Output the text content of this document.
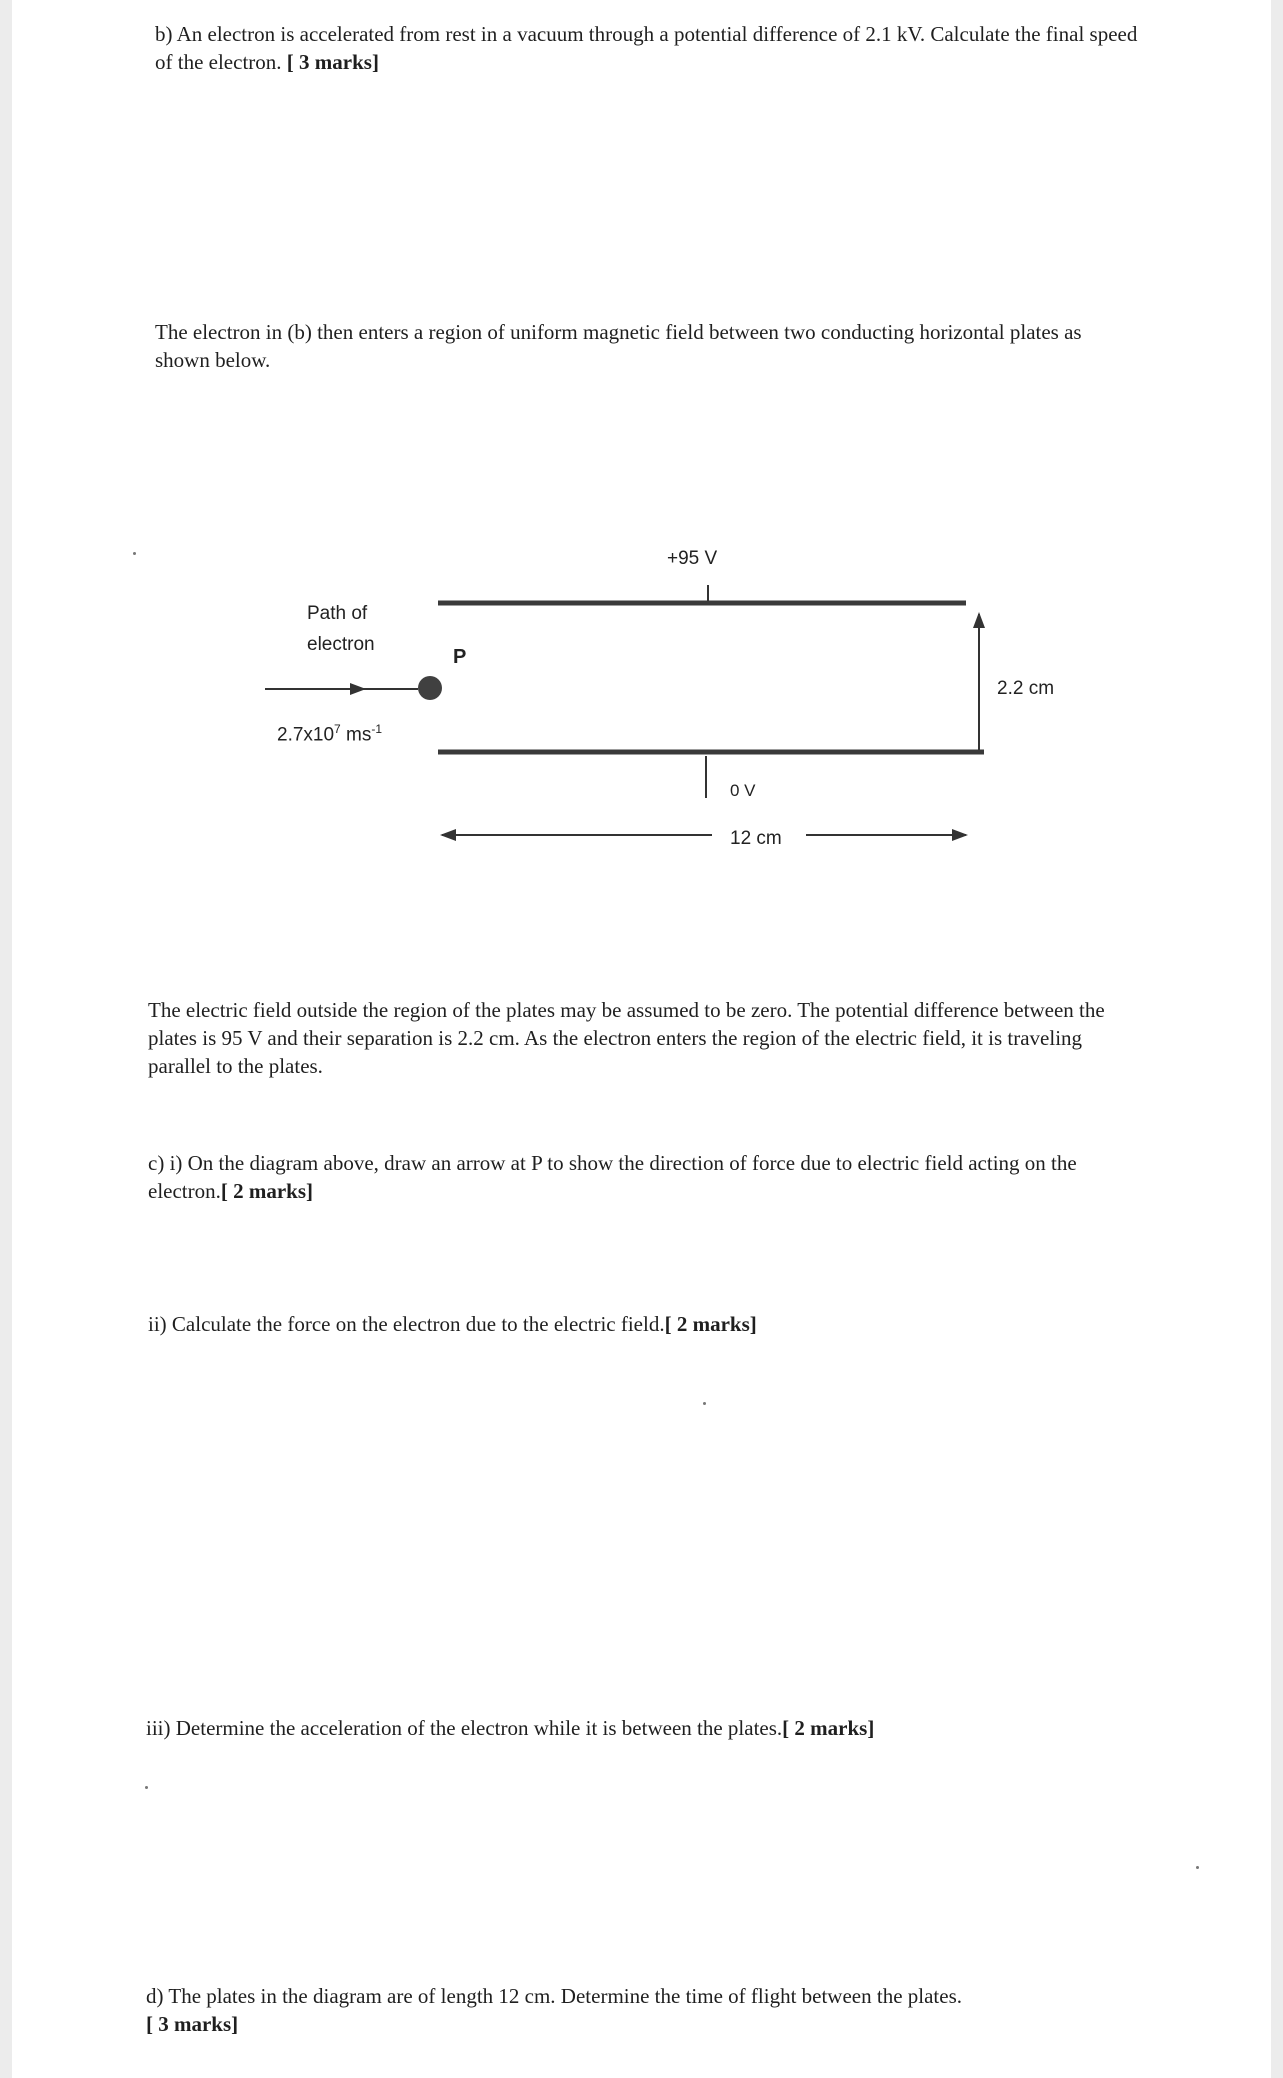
b) An electron is accelerated from rest in a vacuum through a potential difference of 2.1 kV. Calculate the final speed of the electron. [ 3 marks]

The electron in (b) then enters a region of uniform magnetic field between two conducting horizontal plates as shown below.

+95 V
Path of
electron
P
2.2 cm
$2.7x10^7$ $ms^{-1}$
0 V
12 cm

The electric field outside the region of the plates may be assumed to be zero. The potential difference between the plates is 95 V and their separation is 2.2 cm. As the electron enters the region of the electric field, it is traveling parallel to the plates.

c) i) On the diagram above, draw an arrow at P to show the direction of force due to electric field acting on the electron.[ 2 marks]

ii) Calculate the force on the electron due to the electric field.[ 2 marks]

iii) Determine the acceleration of the electron while it is between the plates.[ 2 marks]

d) The plates in the diagram are of length 12 cm. Determine the time of flight between the plates.
[ 3 marks]
